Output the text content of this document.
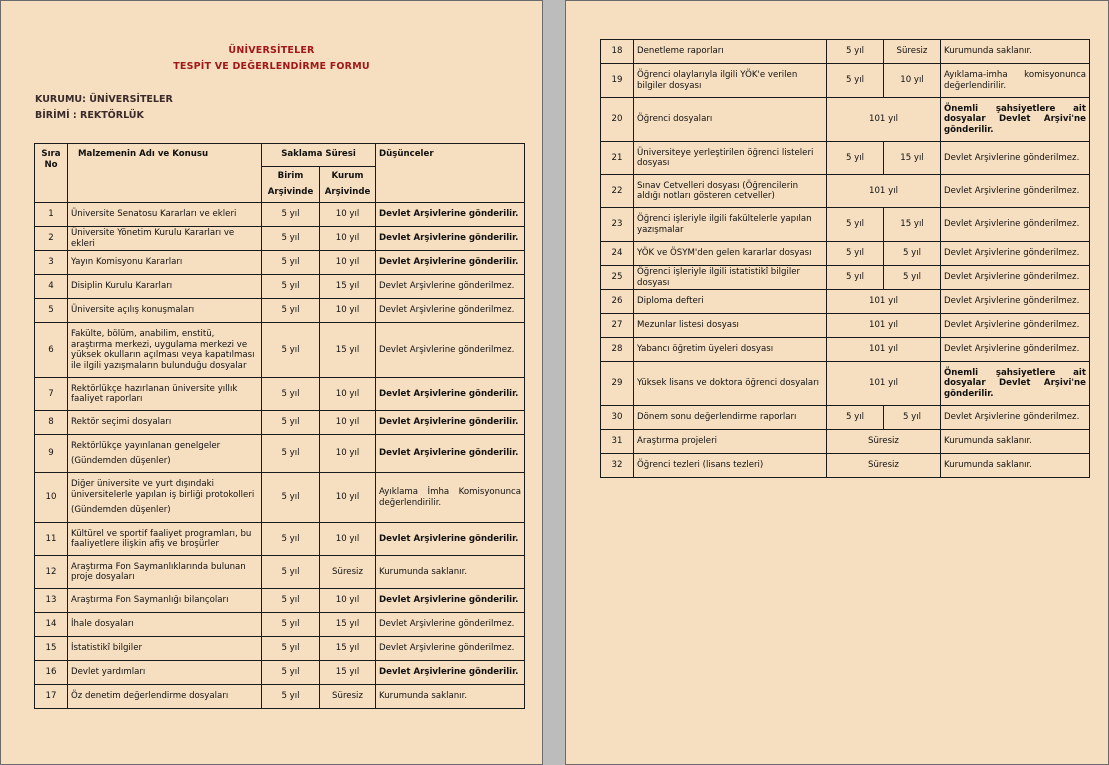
ÜNİVERSİTELER
TESPİT VE DEĞERLENDİRME FORMU
KURUMU: ÜNİVERSİTELER
BİRİMİ : REKTÖRLÜK
Sıra No	Malzemenin Adı ve Konusu	Saklama Süresi		Düşünceler
		Birim Arşivinde	Kurum Arşivinde	
1	Üniversite Senatosu Kararları ve ekleri	5 yıl	10 yıl	Devlet Arşivlerine gönderilir.
2	Üniversite Yönetim Kurulu Kararları ve ekleri	5 yıl	10 yıl	Devlet Arşivlerine gönderilir.
3	Yayın Komisyonu Kararları	5 yıl	10 yıl	Devlet Arşivlerine gönderilir.
4	Disiplin Kurulu Kararları	5 yıl	15 yıl	Devlet Arşivlerine gönderilmez.
5	Üniversite açılış konuşmaları	5 yıl	10 yıl	Devlet Arşivlerine gönderilmez.
6	Fakülte, bölüm, anabilim, enstitü, araştırma merkezi, uygulama merkezi ve yüksek okulların açılması veya kapatılması ile ilgili yazışmaların bulunduğu dosyalar	5 yıl	15 yıl	Devlet Arşivlerine gönderilmez.
7	Rektörlükçe hazırlanan üniversite yıllık faaliyet raporları	5 yıl	10 yıl	Devlet Arşivlerine gönderilir.
8	Rektör seçimi dosyaları	5 yıl	10 yıl	Devlet Arşivlerine gönderilir.
9	Rektörlükçe yayınlanan genelgeler
(Gündemden düşenler)	5 yıl	10 yıl	Devlet Arşivlerine gönderilir.
10	Diğer üniversite ve yurt dışındaki üniversitelerle yapılan iş birliği protokolleri
(Gündemden düşenler)	5 yıl	10 yıl	Ayıklama İmha Komisyonunca değerlendirilir.
11	Kültürel ve sportif faaliyet programları, bu faaliyetlere ilişkin afiş ve broşürler	5 yıl	10 yıl	Devlet Arşivlerine gönderilir.
12	Araştırma Fon Saymanlıklarında bulunan proje dosyaları	5 yıl	Süresiz	Kurumunda saklanır.
13	Araştırma Fon Saymanlığı bilançoları	5 yıl	10 yıl	Devlet Arşivlerine gönderilir.
14	İhale dosyaları	5 yıl	15 yıl	Devlet Arşivlerine gönderilmez.
15	İstatistikî bilgiler	5 yıl	15 yıl	Devlet Arşivlerine gönderilmez.
16	Devlet yardımları	5 yıl	15 yıl	Devlet Arşivlerine gönderilir.
17	Öz denetim değerlendirme dosyaları	5 yıl	Süresiz	Kurumunda saklanır.
18	Denetleme raporları	5 yıl	Süresiz	Kurumunda saklanır.
19	Öğrenci olaylarıyla ilgili YÖK'e verilen bilgiler dosyası	5 yıl	10 yıl	Ayıklama-imha komisyonunca değerlendirilir.
20	Öğrenci dosyaları	101 yıl		Önemli şahsiyetlere ait dosyalar Devlet Arşivi'ne gönderilir.
21	Üniversiteye yerleştirilen öğrenci listeleri dosyası	5 yıl	15 yıl	Devlet Arşivlerine gönderilmez.
22	Sınav Cetvelleri dosyası (Öğrencilerin aldığı notları gösteren cetveller)	101 yıl		Devlet Arşivlerine gönderilmez.
23	Öğrenci işleriyle ilgili fakültelerle yapılan yazışmalar	5 yıl	15 yıl	Devlet Arşivlerine gönderilmez.
24	YÖK ve ÖSYM'den gelen kararlar dosyası	5 yıl	5 yıl	Devlet Arşivlerine gönderilmez.
25	Öğrenci işleriyle ilgili istatistikî bilgiler dosyası	5 yıl	5 yıl	Devlet Arşivlerine gönderilmez.
26	Diploma defteri	101 yıl		Devlet Arşivlerine gönderilmez.
27	Mezunlar listesi dosyası	101 yıl		Devlet Arşivlerine gönderilmez.
28	Yabancı öğretim üyeleri dosyası	101 yıl		Devlet Arşivlerine gönderilmez.
29	Yüksek lisans ve doktora öğrenci dosyaları	101 yıl		Önemli şahsiyetlere ait dosyalar Devlet Arşivi'ne gönderilir.
30	Dönem sonu değerlendirme raporları	5 yıl	5 yıl	Devlet Arşivlerine gönderilmez.
31	Araştırma projeleri	Süresiz		Kurumunda saklanır.
32	Öğrenci tezleri (lisans tezleri)	Süresiz		Kurumunda saklanır.
